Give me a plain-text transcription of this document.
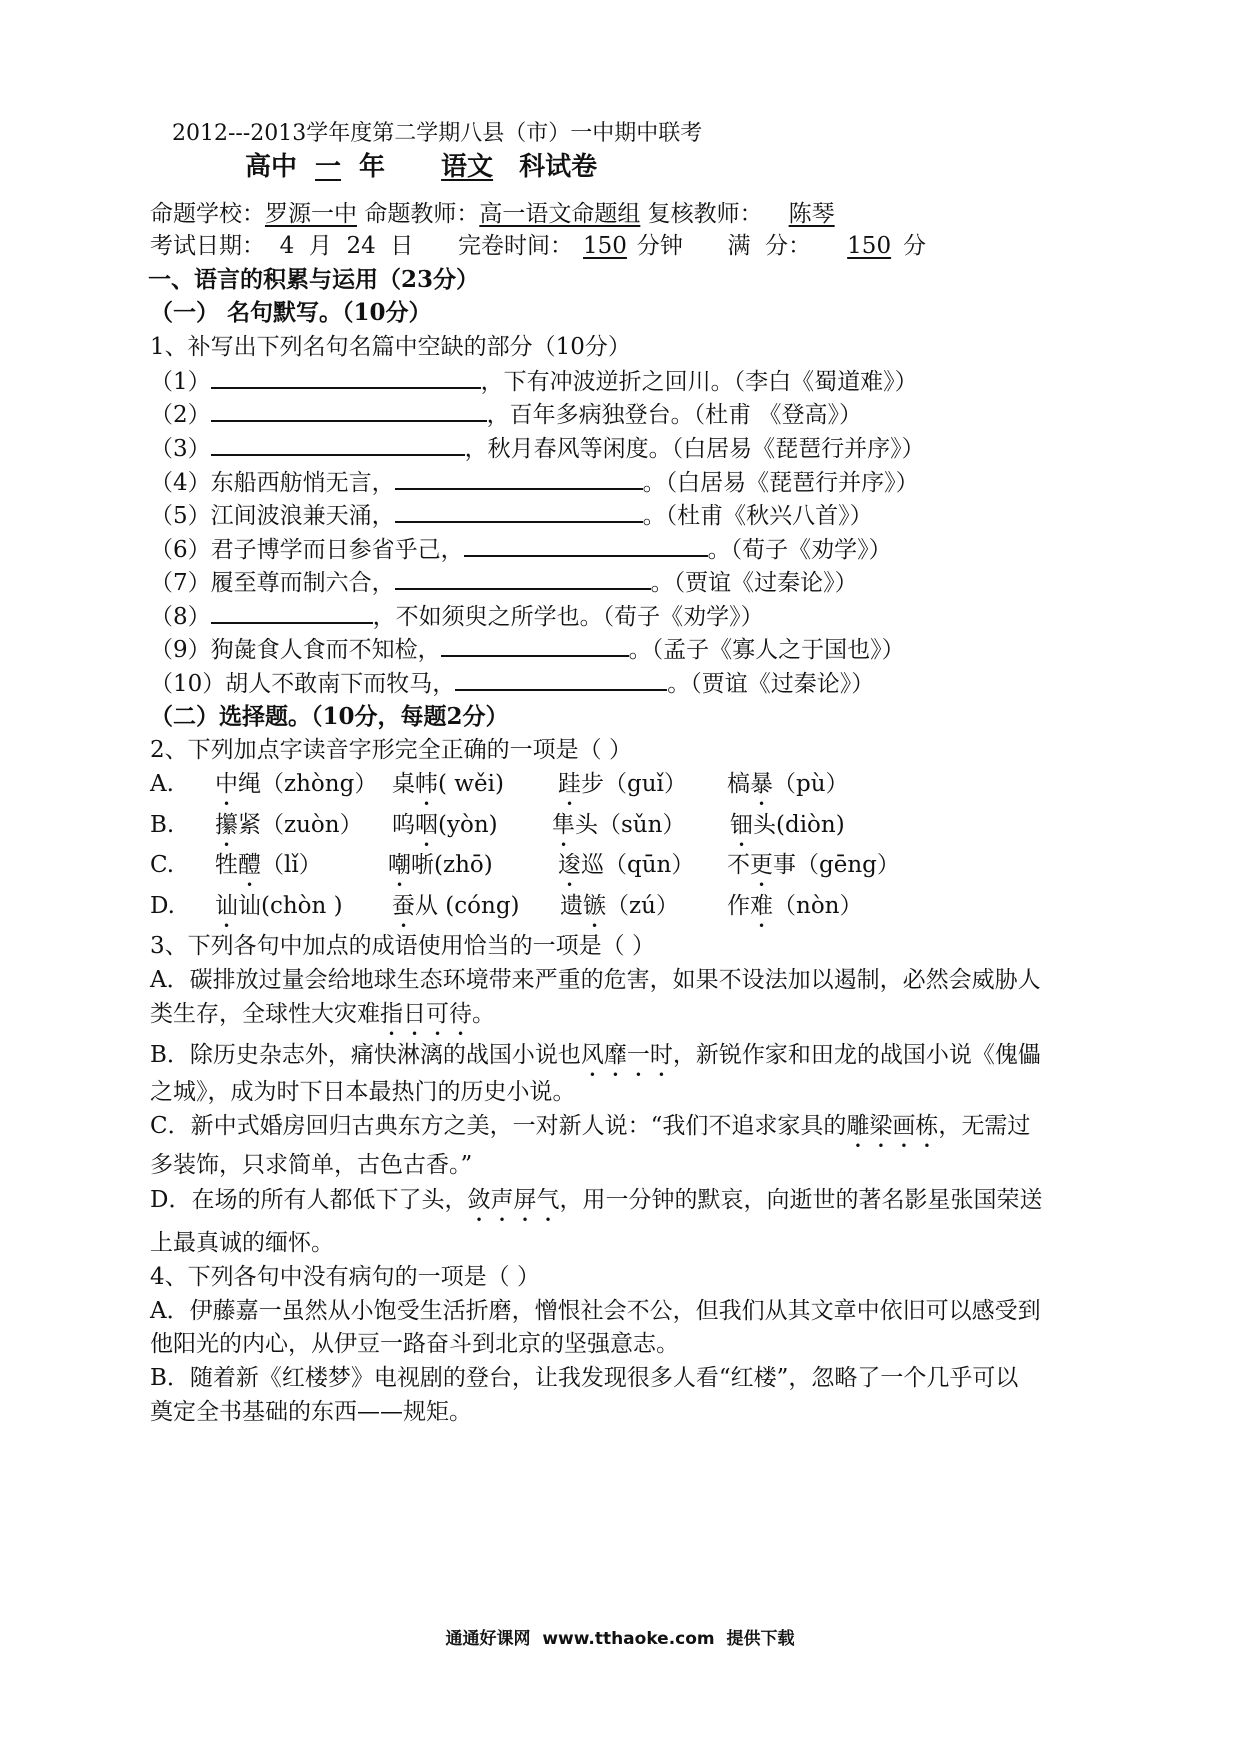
2012---2013学年度第二学期八县（市）一中期中联考
高中 一 年 语文 科试卷
命题学校：罗源一中 命题教师：高一语文命题组 复核教师： 陈琴
考试日期：  4  月  24  日 完卷时间： 150 分钟 满  分： 150 分
一、语言的积累与运用（23分）
（一） 名句默写。（10分）
1、补写出下列名句名篇中空缺的部分（10分）
（1）	，下有冲波逆折之回川。（李白《蜀道难》）
（2）	，百年多病独登台。（杜甫 《登高》）
（3）	，秋月春风等闲度。（白居易《琵琶行并序》）
（4）东船西舫悄无言，	。（白居易《琵琶行并序》）
（5）江间波浪兼天涌，	。（杜甫《秋兴八首》）
（6）君子博学而日参省乎己，	。（荀子《劝学》）
（7）履至尊而制六合，	。（贾谊《过秦论》）
（8）	，不如须臾之所学也。（荀子《劝学》）
（9）狗彘食人食而不知检，	。（孟子《寡人之于国也》）
（10）胡人不敢南下而牧马，	。（贾谊《过秦论》）
（二）选择题。（10分，每题2分）
2、下列加点字读音字形完全正确的一项是（ ）
A. 中绳（zhòng） 桌帏( wěi) 跬步（guǐ） 槁暴（pù）
B. 攥紧（zuòn） 呜咽(yòn) 隼头（sǔn） 钿头(diòn)
C. 牲醴（lǐ）	嘲哳(zhō)	逡巡（qūn） 不更事（gēng）
D. 讪讪(chòn ) 蚕从 (cóng) 遗镞（zú） 作难（nòn）
3、下列各句中加点的成语使用恰当的一项是（ ）
A．碳排放过量会给地球生态环境带来严重的危害，如果不设法加以遏制，必然会威胁人
类生存，全球性大灾难指日可待。
B．除历史杂志外，痛快淋漓的战国小说也风靡一时，新锐作家和田龙的战国小说《傀儡
之城》，成为时下日本最热门的历史小说。
C．新中式婚房回归古典东方之美，一对新人说：“我们不追求家具的雕梁画栋，无需过
多装饰，只求简单，古色古香。”
D．在场的所有人都低下了头，敛声屏气，用一分钟的默哀，向逝世的著名影星张国荣送
上最真诚的缅怀。
4、下列各句中没有病句的一项是（ ）
A．伊藤嘉一虽然从小饱受生活折磨，憎恨社会不公，但我们从其文章中依旧可以感受到
他阳光的内心，从伊豆一路奋斗到北京的坚强意志。
B．随着新《红楼梦》电视剧的登台，让我发现很多人看“红楼”，忽略了一个几乎可以
奠定全书基础的东西——规矩。
通通好课网  www.tthaoke.com  提供下载
